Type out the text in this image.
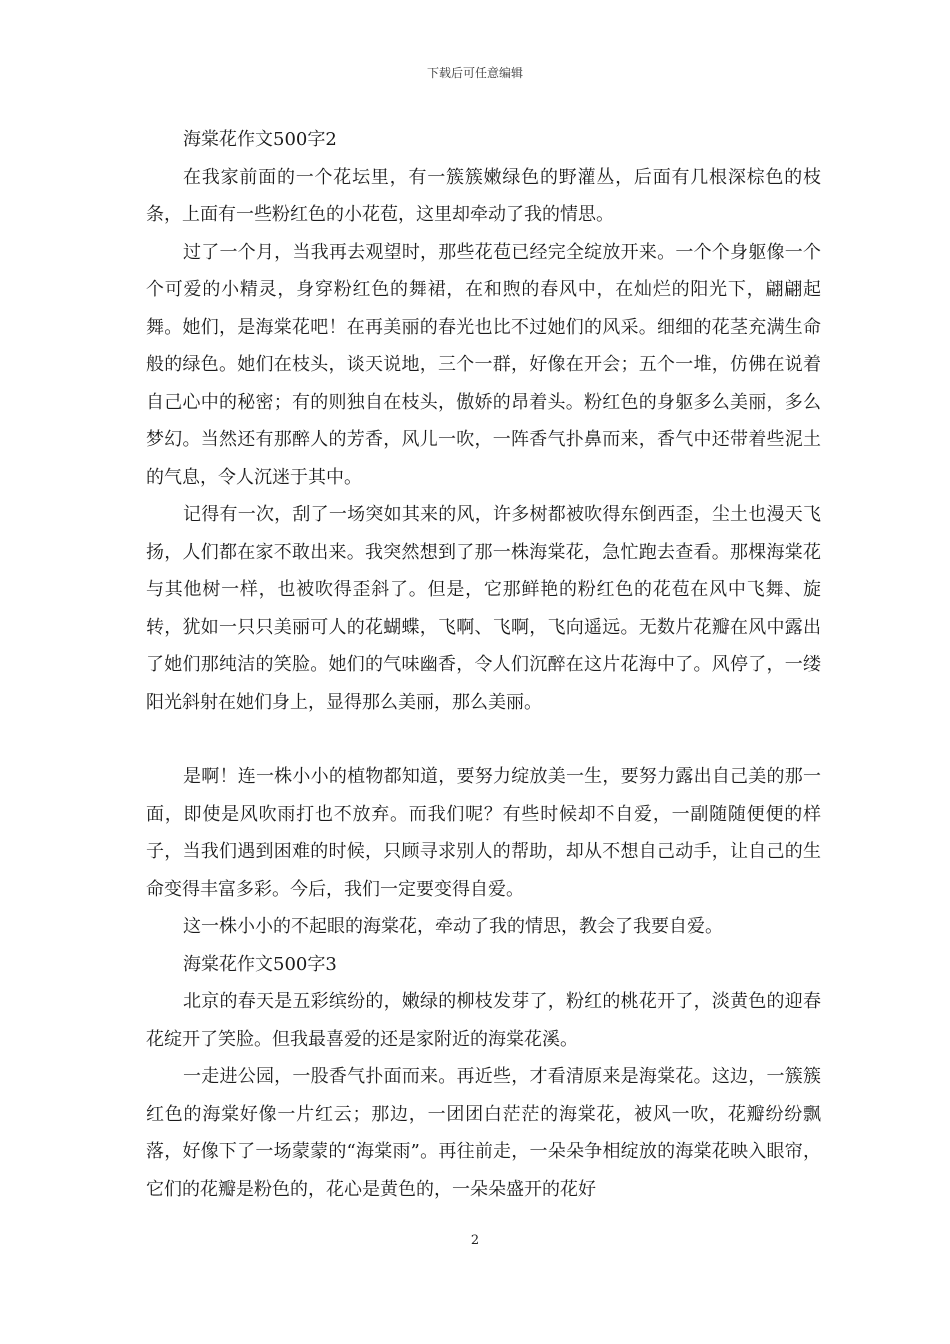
下载后可任意编辑

海棠花作文500字2

在我家前面的一个花坛里，有一簇簇嫩绿色的野灌丛，后面有几根深棕色的枝条，上面有一些粉红色的小花苞，这里却牵动了我的情思。

过了一个月，当我再去观望时，那些花苞已经完全绽放开来。一个个身躯像一个个可爱的小精灵，身穿粉红色的舞裙，在和煦的春风中，在灿烂的阳光下，翩翩起舞。她们，是海棠花吧！在再美丽的春光也比不过她们的风采。细细的花茎充满生命般的绿色。她们在枝头，谈天说地，三个一群，好像在开会；五个一堆，仿佛在说着自己心中的秘密；有的则独自在枝头，傲娇的昂着头。粉红色的身躯多么美丽，多么梦幻。当然还有那醉人的芳香，风儿一吹，一阵香气扑鼻而来，香气中还带着些泥土的气息，令人沉迷于其中。

记得有一次，刮了一场突如其来的风，许多树都被吹得东倒西歪，尘土也漫天飞扬，人们都在家不敢出来。我突然想到了那一株海棠花，急忙跑去查看。那棵海棠花与其他树一样，也被吹得歪斜了。但是，它那鲜艳的粉红色的花苞在风中飞舞、旋转，犹如一只只美丽可人的花蝴蝶，飞啊、飞啊，飞向遥远。无数片花瓣在风中露出了她们那纯洁的笑脸。她们的气味幽香，令人们沉醉在这片花海中了。风停了，一缕阳光斜射在她们身上，显得那么美丽，那么美丽。

是啊！连一株小小的植物都知道，要努力绽放美一生，要努力露出自己美的那一面，即使是风吹雨打也不放弃。而我们呢？有些时候却不自爱，一副随随便便的样子，当我们遇到困难的时候，只顾寻求别人的帮助，却从不想自己动手，让自己的生命变得丰富多彩。今后，我们一定要变得自爱。

这一株小小的不起眼的海棠花，牵动了我的情思，教会了我要自爱。

海棠花作文500字3

北京的春天是五彩缤纷的，嫩绿的柳枝发芽了，粉红的桃花开了，淡黄色的迎春花绽开了笑脸。但我最喜爱的还是家附近的海棠花溪。

一走进公园，一股香气扑面而来。再近些，才看清原来是海棠花。这边，一簇簇红色的海棠好像一片红云；那边，一团团白茫茫的海棠花，被风一吹，花瓣纷纷飘落，好像下了一场蒙蒙的“海棠雨”。再往前走，一朵朵争相绽放的海棠花映入眼帘，它们的花瓣是粉色的，花心是黄色的，一朵朵盛开的花好

2
